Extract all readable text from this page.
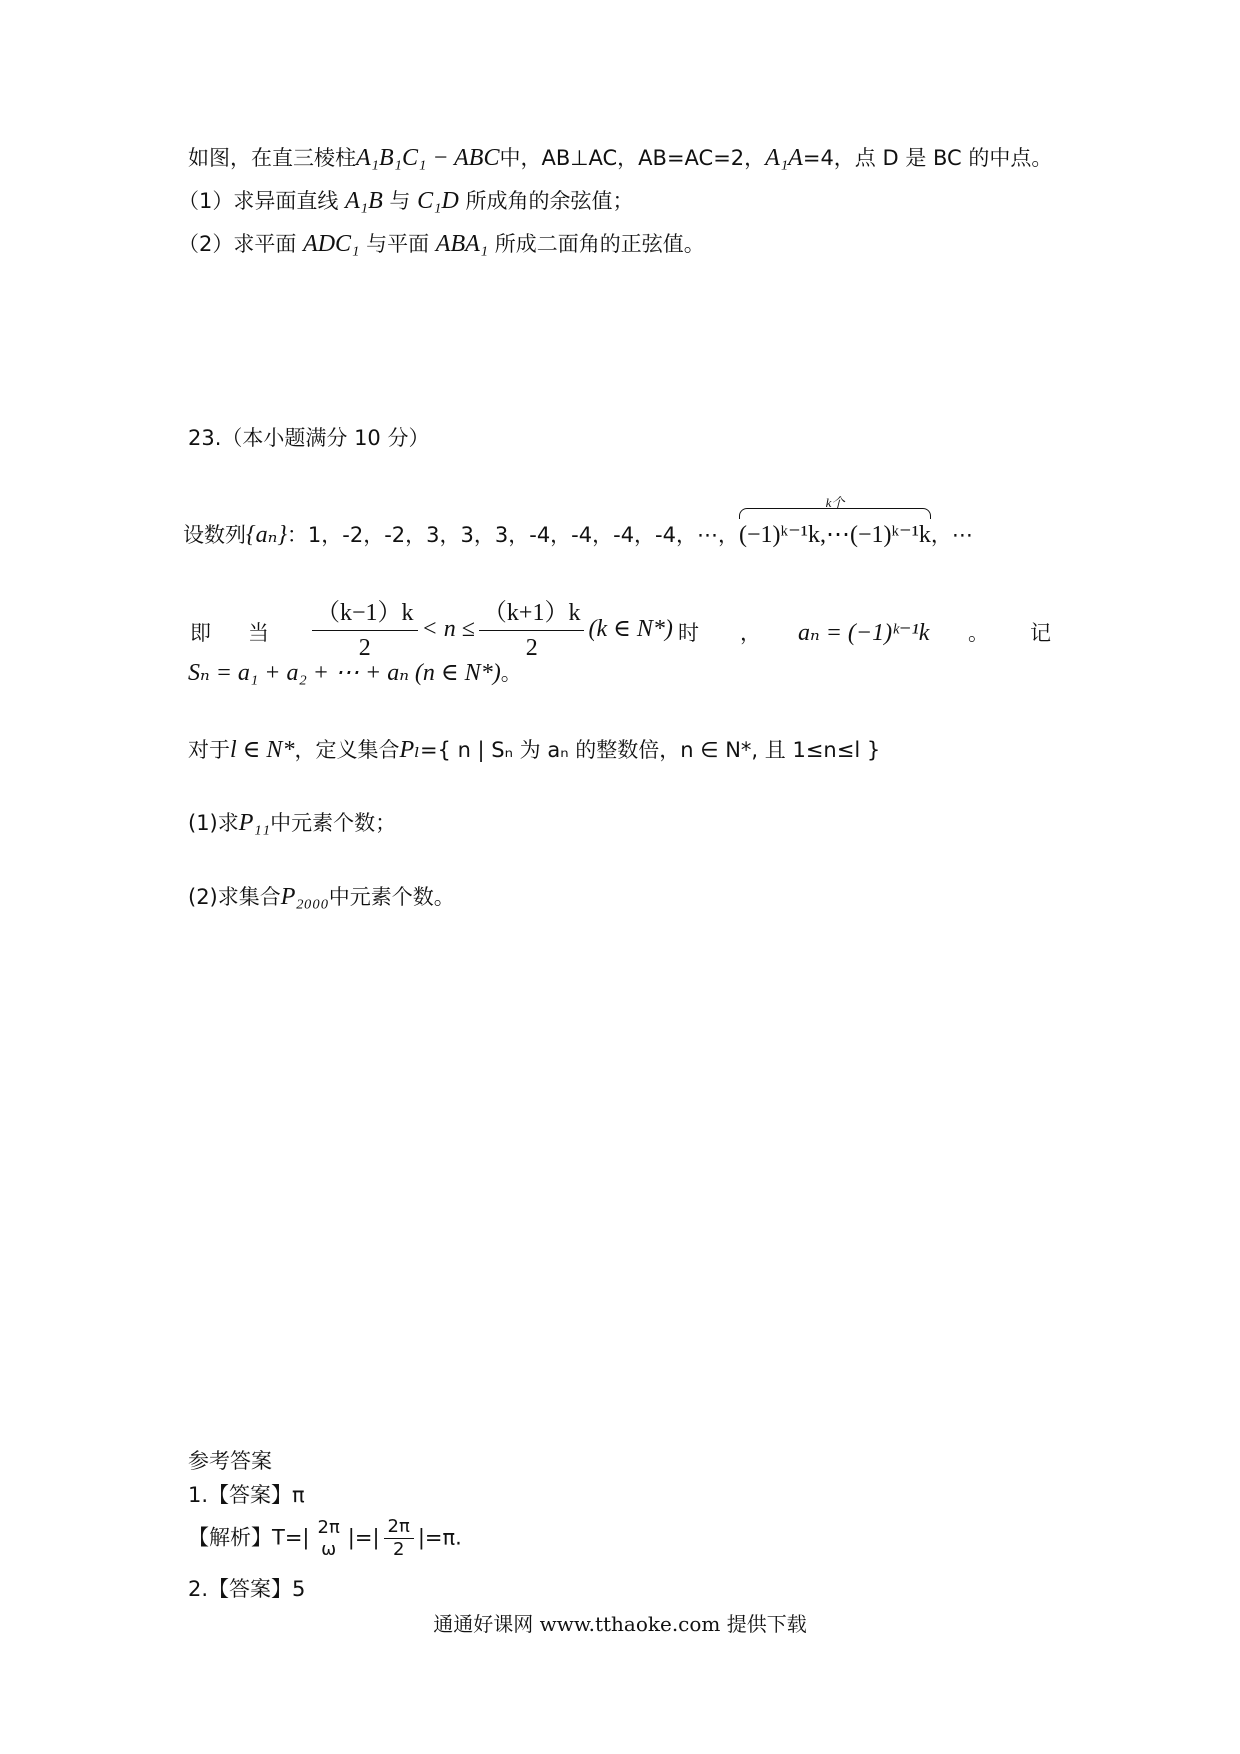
如图，在直三棱柱A₁B₁C₁ − ABC中，AB⊥AC，AB=AC=2，A₁A=4，点 D 是 BC 的中点。
（1）求异面直线 A₁B 与 C₁D 所成角的余弦值；
（2）求平面 ADC₁ 与平面 ABA₁ 所成二面角的正弦值。
23.（本小题满分 10 分）
设数列{aₙ}：1，-2，-2，3，3，3，-4，-4，-4，-4，⋯，
k个
(−1)ᵏ⁻¹k,⋯(−1)ᵏ⁻¹k，⋯
即 当 $\frac{(k-1)k}{2} < n \le \frac{(k+1)k}{2} (k$ ∈ N*) 时 ， aₙ = (−1)ᵏ⁻¹k 。 记
Sₙ = a₁ + a₂ + ⋯ + aₙ (n ∈ N*)。
对于l ∈ N*，定义集合Pₗ={ n | Sₙ 为 aₙ 的整数倍，n ∈ N*, 且 1≤n≤l }
(1)求P₁₁中元素个数；
(2)求集合P₂₀₀₀中元素个数。
参考答案
1.【答案】π
【解析】T=| 2π
ω |=| $\frac{2\pi}{2} |=\pi$.
2.【答案】5
通通好课网 www.tthaoke.com 提供下载
